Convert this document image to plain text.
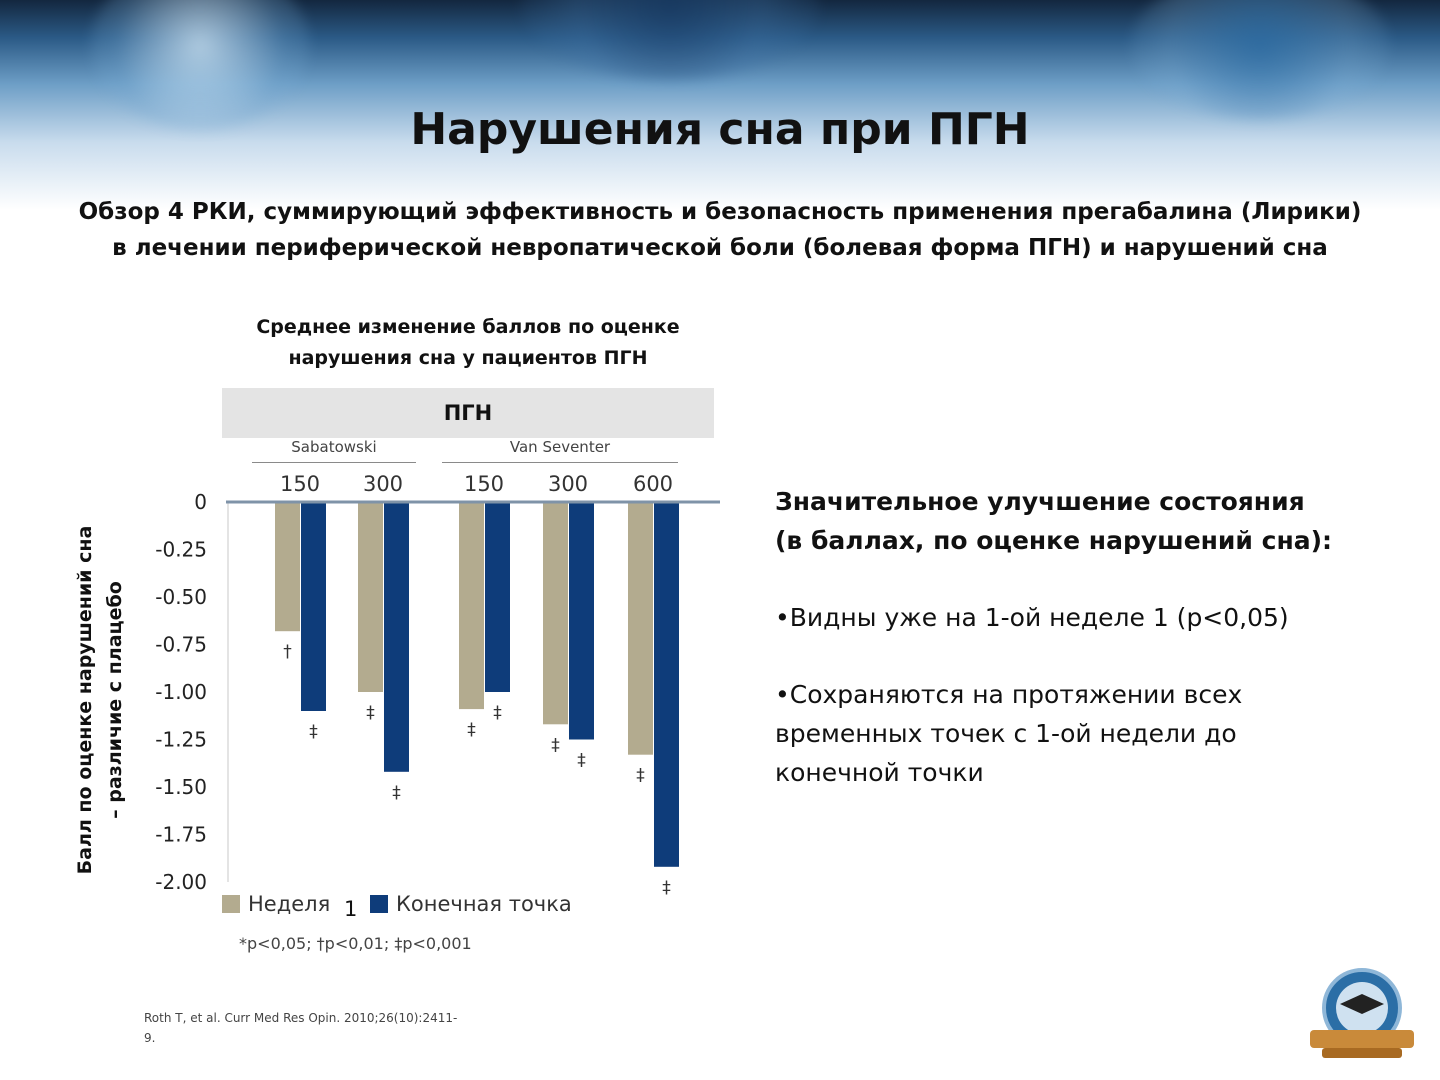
Нарушения сна при ПГН
Обзор 4 РКИ, суммирующий эффективность и безопасность применения прегабалина (Лирики)
в лечении периферической невропатической боли (болевая форма ПГН) и нарушений сна
Среднее изменение баллов по оценке
нарушения сна у пациентов ПГН
ПГН
Sabatowski	Van Seventer
Балл по оценке нарушений сна – различие с плацебо
0
-0.25
-0.50
-0.75
-1.00
-1.25
-1.50
-1.75
-2.00
150
†
‡
300
‡
‡
150
‡
‡
300
‡
‡
600
‡
‡
Неделя 1	Конечная точка
*p<0,05; †p<0,01; ‡p<0,001
Roth T, et al. Curr Med Res Opin. 2010;26(10):2411-
9.
Значительное улучшение состояния
(в баллах, по оценке нарушений сна):
•Видны уже на 1-ой неделе 1 (p<0,05)
•Сохраняются на протяжении всех
временных точек с 1-ой недели до
конечной точки
